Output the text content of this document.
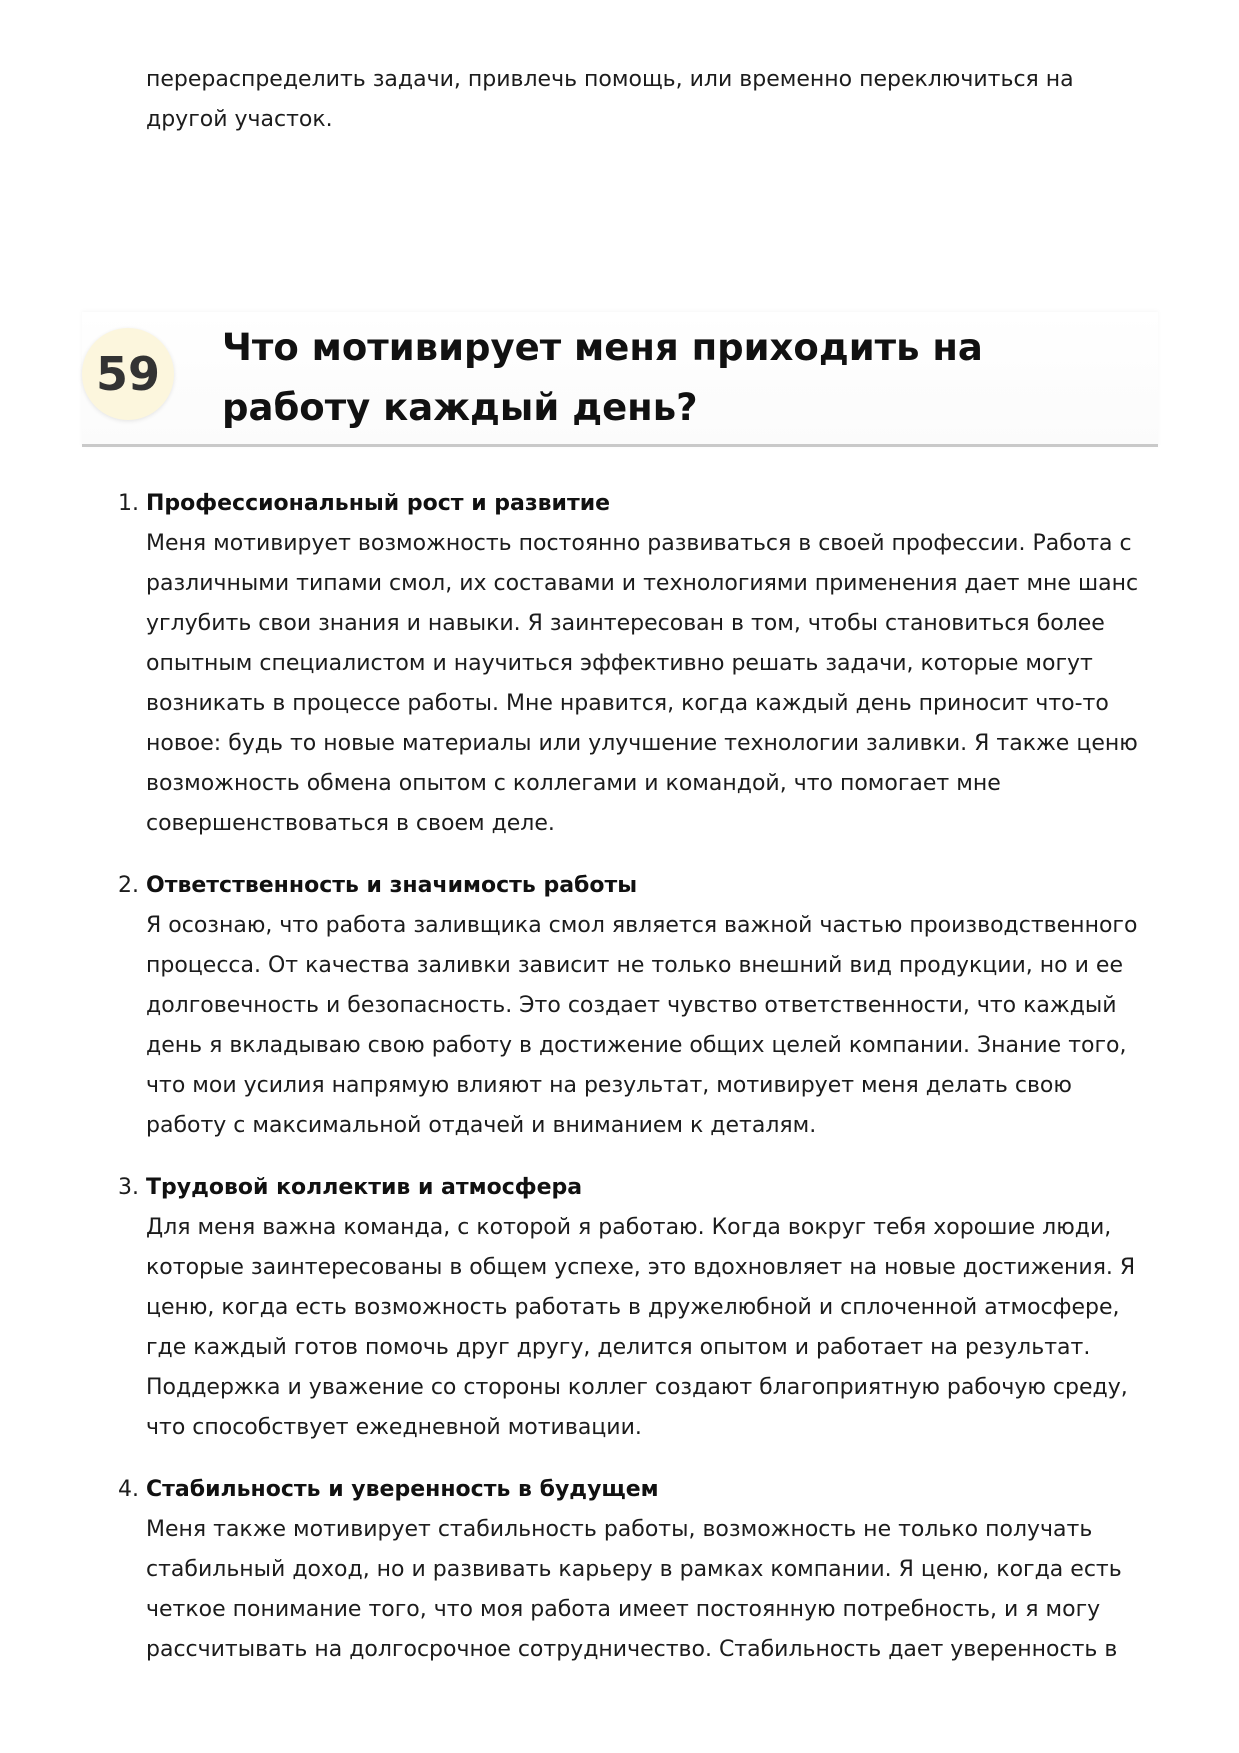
перераспределить задачи, привлечь помощь, или временно переключиться на другой участок.

59	Что мотивирует меня приходить на работу каждый день?
1. Профессиональный рост и развитие

Меня мотивирует возможность постоянно развиваться в своей профессии. Работа с различными типами смол, их составами и технологиями применения дает мне шанс углубить свои знания и навыки. Я заинтересован в том, чтобы становиться более опытным специалистом и научиться эффективно решать задачи, которые могут возникать в процессе работы. Мне нравится, когда каждый день приносит что-то новое: будь то новые материалы или улучшение технологии заливки. Я также ценю возможность обмена опытом с коллегами и командой, что помогает мне совершенствоваться в своем деле.

2. Ответственность и значимость работы

Я осознаю, что работа заливщика смол является важной частью производственного процесса. От качества заливки зависит не только внешний вид продукции, но и ее долговечность и безопасность. Это создает чувство ответственности, что каждый день я вкладываю свою работу в достижение общих целей компании. Знание того, что мои усилия напрямую влияют на результат, мотивирует меня делать свою работу с максимальной отдачей и вниманием к деталям.

3. Трудовой коллектив и атмосфера

Для меня важна команда, с которой я работаю. Когда вокруг тебя хорошие люди, которые заинтересованы в общем успехе, это вдохновляет на новые достижения. Я ценю, когда есть возможность работать в дружелюбной и сплоченной атмосфере, где каждый готов помочь друг другу, делится опытом и работает на результат. Поддержка и уважение со стороны коллег создают благоприятную рабочую среду, что способствует ежедневной мотивации.

4. Стабильность и уверенность в будущем

Меня также мотивирует стабильность работы, возможность не только получать стабильный доход, но и развивать карьеру в рамках компании. Я ценю, когда есть четкое понимание того, что моя работа имеет постоянную потребность, и я могу рассчитывать на долгосрочное сотрудничество. Стабильность дает уверенность в
